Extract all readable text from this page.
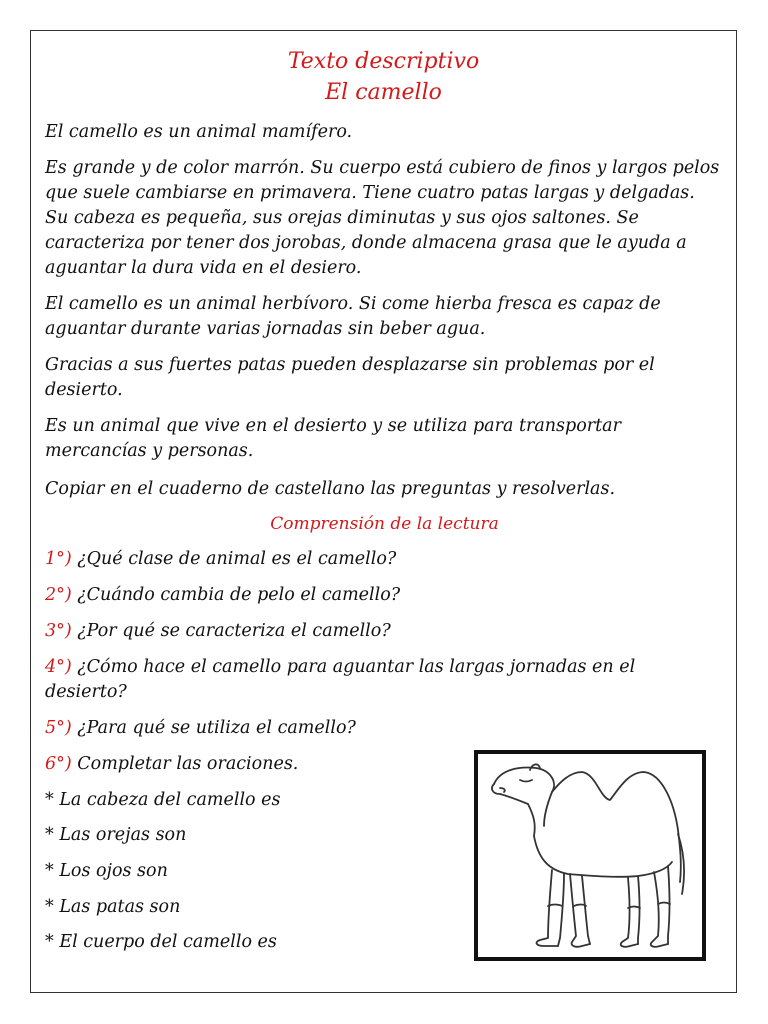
Texto descriptivo
El camello

El camello es un animal mamífero.

Es grande y de color marrón. Su cuerpo está cubiero de finos y largos pelos que suele cambiarse en primavera. Tiene cuatro patas largas y delgadas. Su cabeza es pequeña, sus orejas diminutas y sus ojos saltones. Se caracteriza por tener dos jorobas, donde almacena grasa que le ayuda a aguantar la dura vida en el desiero.

El camello es un animal herbívoro. Si come hierba fresca es capaz de aguantar durante varias jornadas sin beber agua.

Gracias a sus fuertes patas pueden desplazarse sin problemas por el desierto.

Es un animal que vive en el desierto y se utiliza para transportar mercancías y personas.

Copiar en el cuaderno de castellano las preguntas y resolverlas.

Comprensión de la lectura
1°) ¿Qué clase de animal es el camello?
2°) ¿Cuándo cambia de pelo el camello?
3°) ¿Por qué se caracteriza el camello?
4°) ¿Cómo hace el camello para aguantar las largas jornadas en el desierto?
5°) ¿Para qué se utiliza el camello?
6°) Completar las oraciones.
* La cabeza del camello es
* Las orejas son
* Los ojos son
* Las patas son
* El cuerpo del camello es
